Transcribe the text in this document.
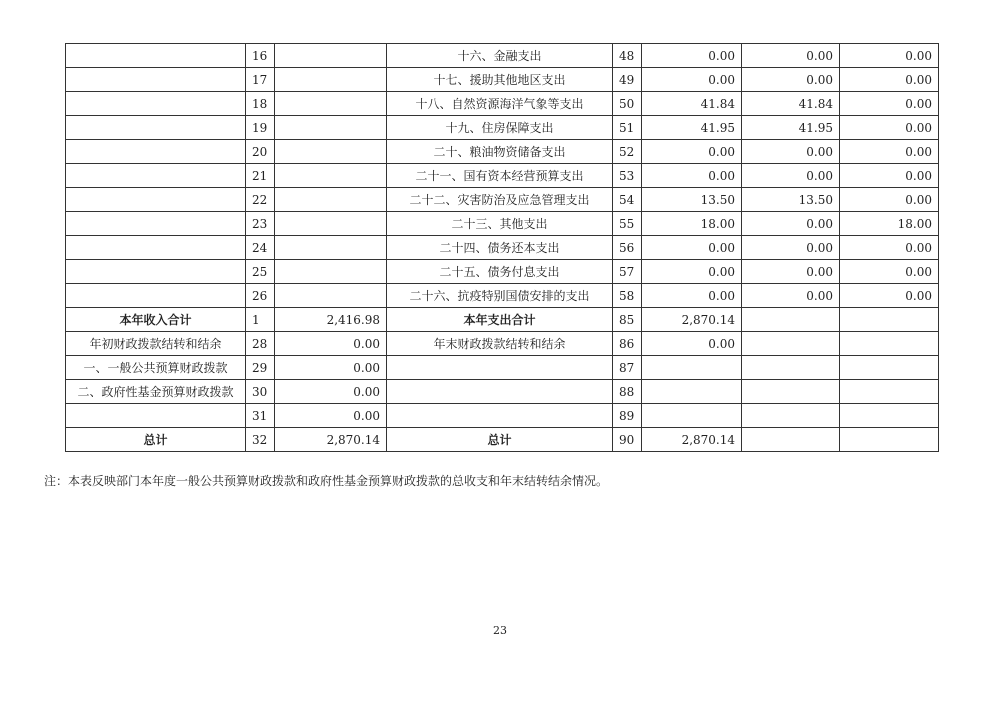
	16		十六、金融支出	48	0.00	0.00	0.00
	17		十七、援助其他地区支出	49	0.00	0.00	0.00
	18		十八、自然资源海洋气象等支出	50	41.84	41.84	0.00
	19		十九、住房保障支出	51	41.95	41.95	0.00
	20		二十、粮油物资储备支出	52	0.00	0.00	0.00
	21		二十一、国有资本经营预算支出	53	0.00	0.00	0.00
	22		二十二、灾害防治及应急管理支出	54	13.50	13.50	0.00
	23		二十三、其他支出	55	18.00	0.00	18.00
	24		二十四、债务还本支出	56	0.00	0.00	0.00
	25		二十五、债务付息支出	57	0.00	0.00	0.00
	26		二十六、抗疫特别国债安排的支出	58	0.00	0.00	0.00
本年收入合计	1	2,416.98	本年支出合计	85	2,870.14		
年初财政拨款结转和结余	28	0.00	年末财政拨款结转和结余	86	0.00		
一、一般公共预算财政拨款	29	0.00		87			
二、政府性基金预算财政拨款	30	0.00		88			
	31	0.00		89			
总计	32	2,870.14	总计	90	2,870.14		
注：本表反映部门本年度一般公共预算财政拨款和政府性基金预算财政拨款的总收支和年末结转结余情况。
23
